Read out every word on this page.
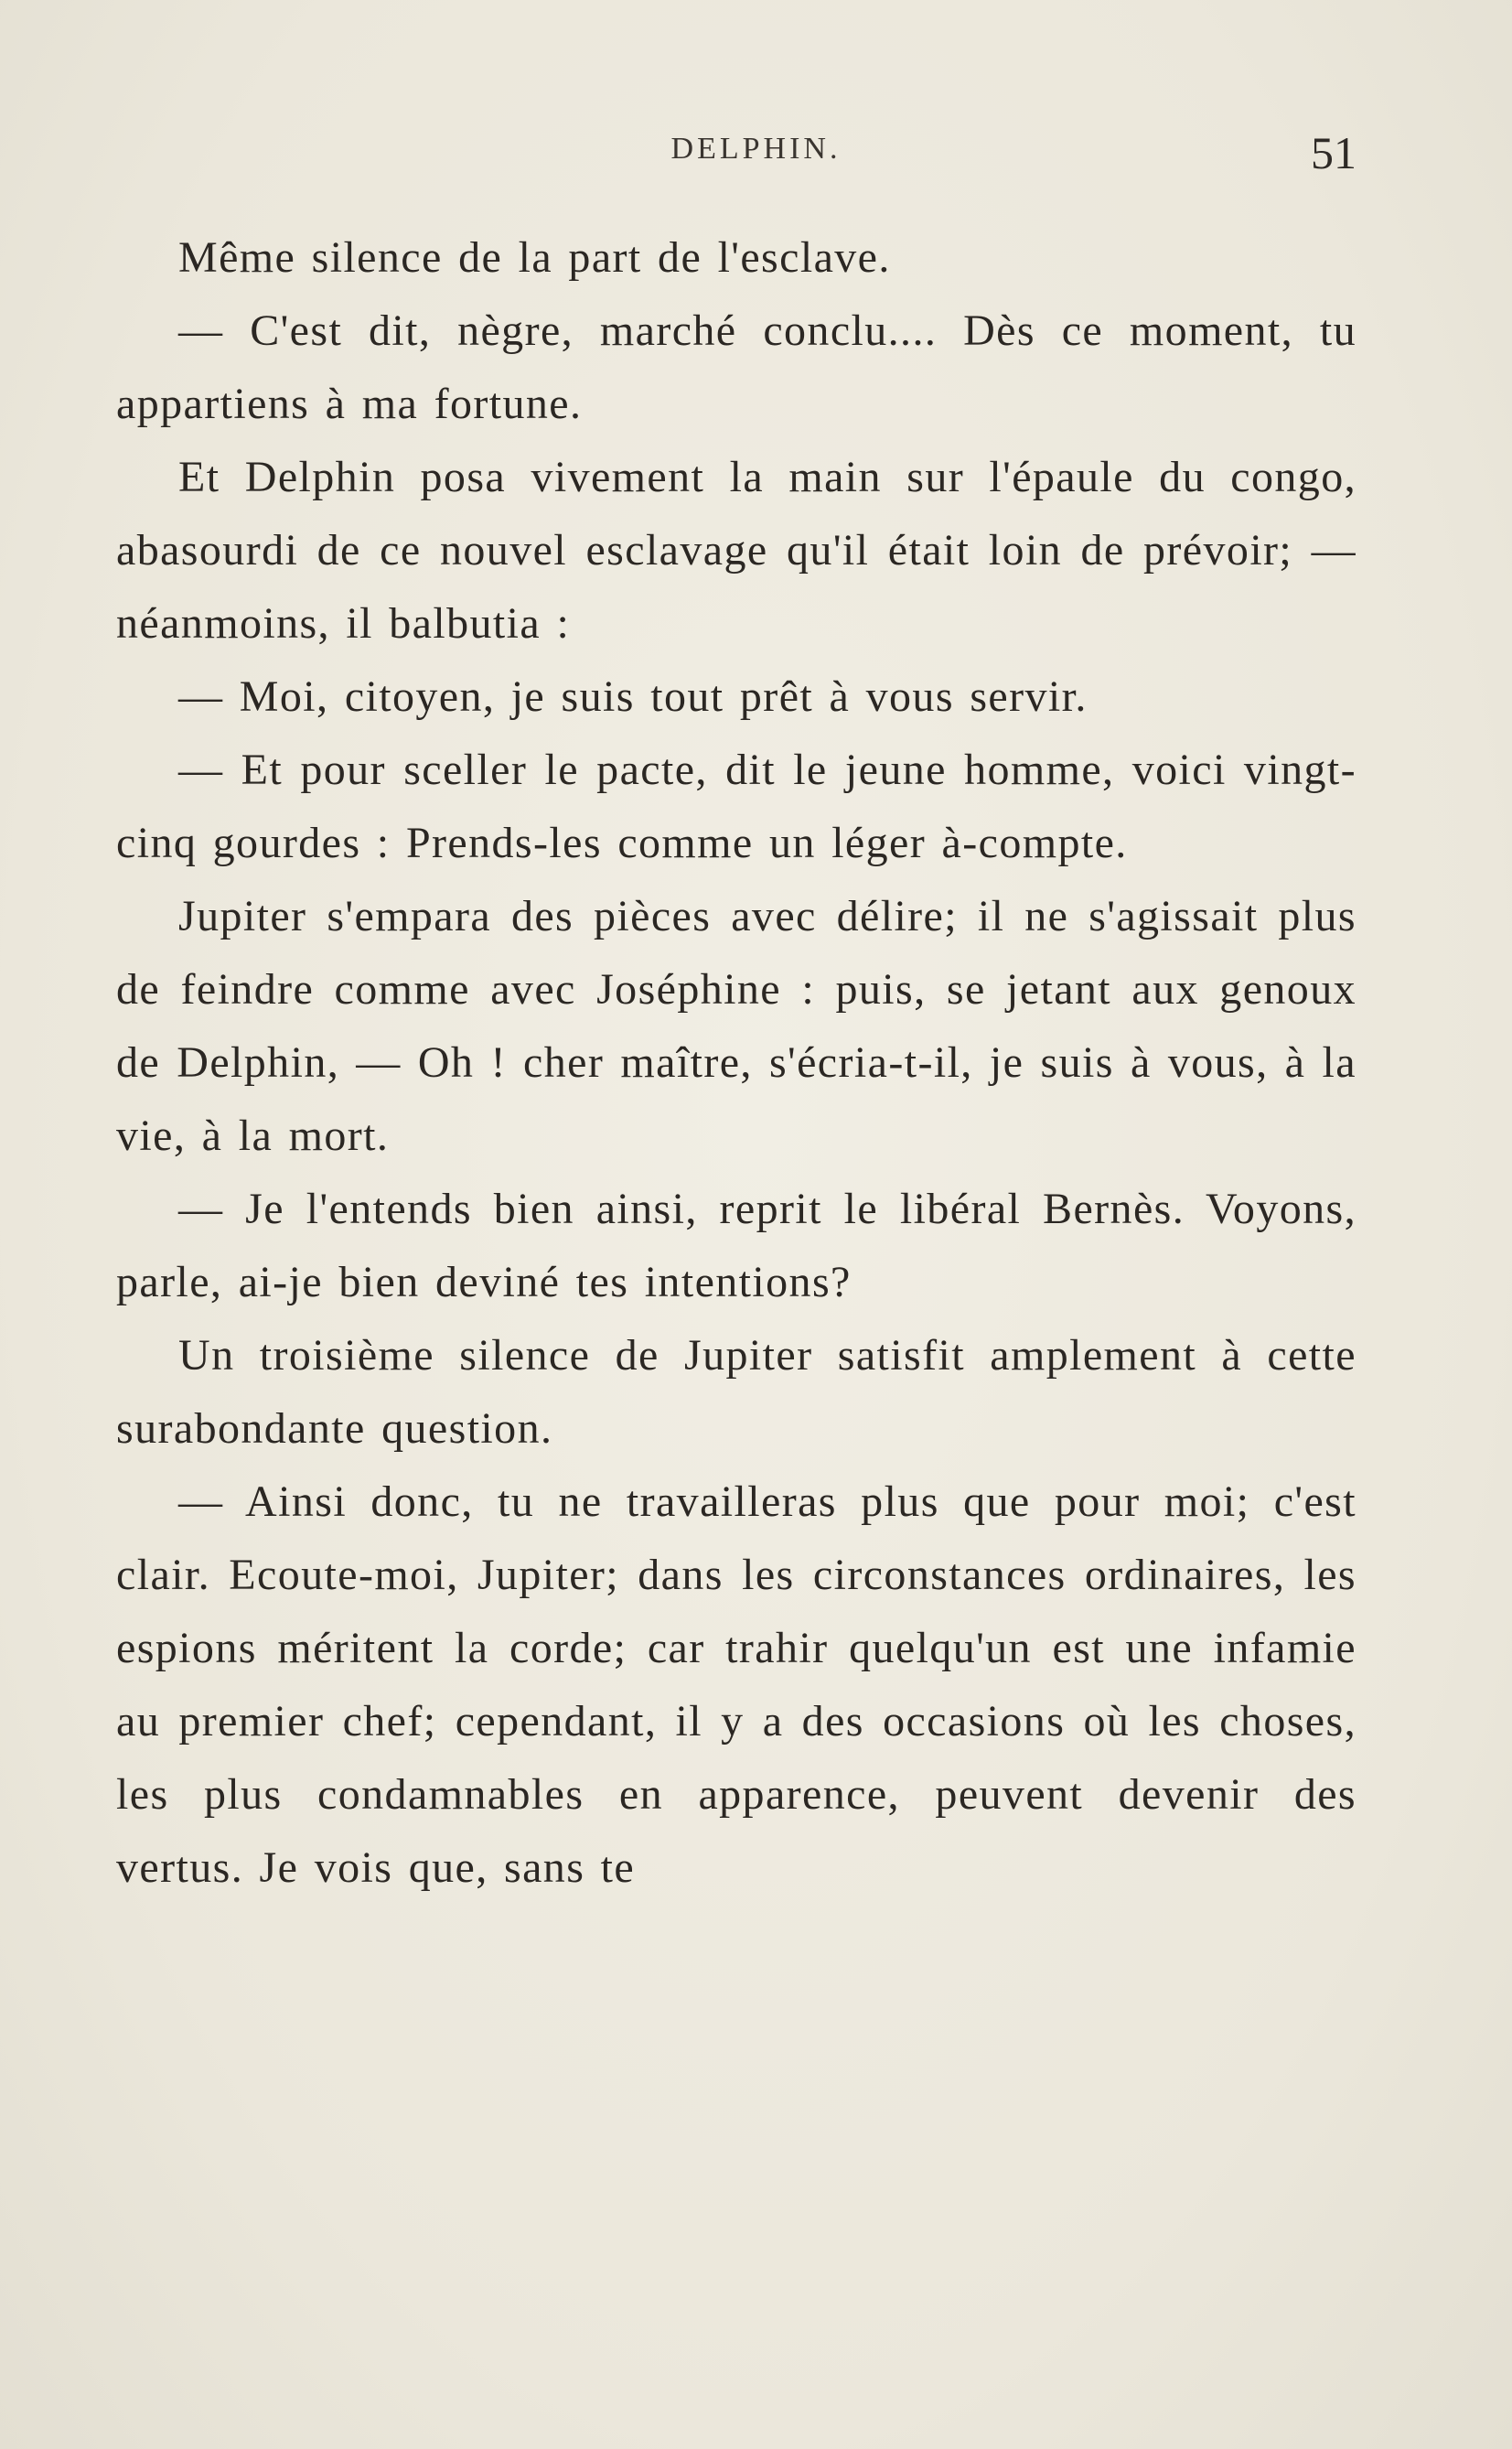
DELPHIN.	51

Même silence de la part de l'esclave.

— C'est dit, nègre, marché conclu.... Dès ce moment, tu appartiens à ma fortune.

Et Delphin posa vivement la main sur l'épaule du congo, abasourdi de ce nouvel esclavage qu'il était loin de prévoir; — néanmoins, il balbutia :

— Moi, citoyen, je suis tout prêt à vous servir.

— Et pour sceller le pacte, dit le jeune homme, voici vingt-cinq gourdes : Prends-les comme un léger à-compte.

Jupiter s'empara des pièces avec délire; il ne s'agissait plus de feindre comme avec Joséphine : puis, se jetant aux genoux de Delphin, — Oh ! cher maître, s'écria-t-il, je suis à vous, à la vie, à la mort.

— Je l'entends bien ainsi, reprit le libéral Bernès. Voyons, parle, ai-je bien deviné tes intentions?

Un troisième silence de Jupiter satisfit amplement à cette surabondante question.

— Ainsi donc, tu ne travailleras plus que pour moi; c'est clair. Ecoute-moi, Jupiter; dans les circonstances ordinaires, les espions méritent la corde; car trahir quelqu'un est une infamie au premier chef; cependant, il y a des occasions où les choses, les plus condamnables en apparence, peuvent devenir des vertus. Je vois que, sans te
